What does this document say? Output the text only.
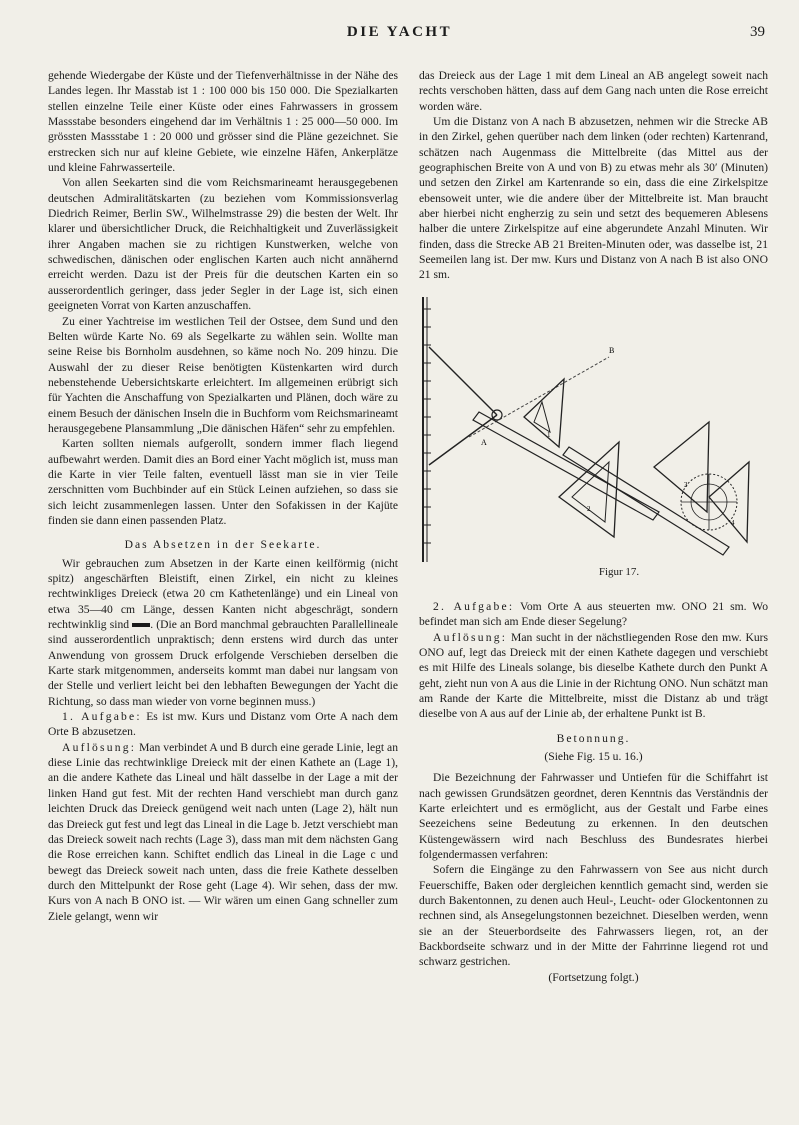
DIE YACHT	39

gehende Wiedergabe der Küste und der Tiefenverhältnisse in der Nähe des Landes legen. Ihr Masstab ist 1 : 100 000 bis 150 000. Die Spezialkarten stellen einzelne Teile einer Küste oder eines Fahrwassers in grossem Massstabe besonders eingehend dar im Verhältnis 1 : 25 000—50 000. Im grössten Massstabe 1 : 20 000 und grösser sind die Pläne gezeichnet. Sie erstrecken sich nur auf kleine Gebiete, wie einzelne Häfen, Ankerplätze und kleine Fahrwasserteile.

Von allen Seekarten sind die vom Reichsmarineamt herausgegebenen deutschen Admiralitätskarten (zu beziehen vom Kommissionsverlag Diedrich Reimer, Berlin SW., Wilhelmstrasse 29) die besten der Welt. Ihr klarer und übersichtlicher Druck, die Reichhaltigkeit und Zuverlässigkeit ihrer Angaben machen sie zu richtigen Kunstwerken, welche von schwedischen, dänischen oder englischen Karten auch nicht annähernd erreicht werden. Dazu ist der Preis für die deutschen Karten ein so ausserordentlich geringer, dass jeder Segler in der Lage ist, sich einen geeigneten Vorrat von Karten anzuschaffen.

Zu einer Yachtreise im westlichen Teil der Ostsee, dem Sund und den Belten würde Karte No. 69 als Segelkarte zu wählen sein. Wollte man seine Reise bis Bornholm ausdehnen, so käme noch No. 209 hinzu. Die Auswahl der zu dieser Reise benötigten Küstenkarten wird durch nebenstehende Uebersichtskarte erleichtert. Im allgemeinen erübrigt sich für Yachten die Anschaffung von Spezialkarten und Plänen, doch wäre zu einem Besuch der dänischen Inseln die in Buchform vom Reichsmarineamt herausgegebene Plansammlung „Die dänischen Häfen“ sehr zu empfehlen.

Karten sollten niemals aufgerollt, sondern immer flach liegend aufbewahrt werden. Damit dies an Bord einer Yacht möglich ist, muss man die Karte in vier Teile falten, eventuell lässt man sie in vier Teile zerschnitten vom Buchbinder auf ein Stück Leinen aufziehen, so dass sie sich leicht zusammenlegen lassen. Unter den Sofakissen in der Kajüte finden sie dann einen passenden Platz.

Das Absetzen in der Seekarte.

Wir gebrauchen zum Absetzen in der Karte einen keilförmig (nicht spitz) angeschärften Bleistift, einen Zirkel, ein nicht zu kleines rechtwinkliges Dreieck (etwa 20 cm Kathetenlänge) und ein Lineal von etwa 35—40 cm Länge, dessen Kanten nicht abgeschrägt, sondern rechtwinklig sind . (Die an Bord manchmal gebrauchten Parallellineale sind ausserordentlich unpraktisch; denn erstens wird durch das unter Anwendung von grossem Druck erfolgende Verschieben derselben die Karte stark mitgenommen, anderseits kommt man dabei nur langsam von der Stelle und verliert leicht bei den lebhaften Bewegungen der Yacht die Richtung, so dass man wieder von vorne beginnen muss.)

1. Aufgabe: Es ist mw. Kurs und Distanz vom Orte A nach dem Orte B abzusetzen.

Auflösung: Man verbindet A und B durch eine gerade Linie, legt an diese Linie das rechtwinklige Dreieck mit der einen Kathete an (Lage 1), an die andere Kathete das Lineal und hält dasselbe in der Lage a mit der linken Hand gut fest. Mit der rechten Hand verschiebt man durch ganz leichten Druck das Dreieck genügend weit nach unten (Lage 2), hält nun das Dreieck gut fest und legt das Lineal in die Lage b. Jetzt verschiebt man das Dreieck soweit nach rechts (Lage 3), dass man mit dem nächsten Gang die Rose erreichen kann. Schiftet endlich das Lineal in die Lage c und bewegt das Dreieck soweit nach unten, dass die freie Kathete desselben durch den Mittelpunkt der Rose geht (Lage 4). Wir sehen, dass der mw. Kurs von A nach B ONO ist. — Wir wären um einen Gang schneller zum Ziele gelangt, wenn wir

das Dreieck aus der Lage 1 mit dem Lineal an AB angelegt soweit nach rechts verschoben hätten, dass auf dem Gang nach unten die Rose erreicht worden wäre.

Um die Distanz von A nach B abzusetzen, nehmen wir die Strecke AB in den Zirkel, gehen querüber nach dem linken (oder rechten) Kartenrand, schätzen nach Augenmass die Mittelbreite (das Mittel aus der geographischen Breite von A und von B) zu etwas mehr als 30′ (Minuten) und setzen den Zirkel am Kartenrande so ein, dass die eine Zirkelspitze ebensoweit unter, wie die andere über der Mittelbreite ist. Man braucht aber hierbei nicht engherzig zu sein und setzt des bequemeren Ablesens halber die untere Zirkelspitze auf eine abgerundete Anzahl Minuten. Wir finden, dass die Strecke AB 21 Breiten-Minuten oder, was dasselbe ist, 21 Seemeilen lang ist. Der mw. Kurs und Distanz von A nach B ist also ONO 21 sm.

A
B
1
2
3
4
Figur 17.

2. Aufgabe: Vom Orte A aus steuerten mw. ONO 21 sm. Wo befindet man sich am Ende dieser Segelung?

Auflösung: Man sucht in der nächstliegenden Rose den mw. Kurs ONO auf, legt das Dreieck mit der einen Kathete dagegen und verschiebt es mit Hilfe des Lineals solange, bis dieselbe Kathete durch den Punkt A geht, zieht nun von A aus die Linie in der Richtung ONO. Nun schätzt man am Rande der Karte die Mittelbreite, misst die Distanz ab und trägt dieselbe von A aus auf der Linie ab, der erhaltene Punkt ist B.

Betonnung.

(Siehe Fig. 15 u. 16.)

Die Bezeichnung der Fahrwasser und Untiefen für die Schiffahrt ist nach gewissen Grundsätzen geordnet, deren Kenntnis das Verständnis der Karte erleichtert und es ermöglicht, aus der Gestalt und Farbe eines Seezeichens seine Bedeutung zu erkennen. In den deutschen Küstengewässern wird nach Beschluss des Bundesrates hierbei folgendermassen verfahren:

Sofern die Eingänge zu den Fahrwassern von See aus nicht durch Feuerschiffe, Baken oder dergleichen kenntlich gemacht sind, werden sie durch Bakentonnen, zu denen auch Heul-, Leucht- oder Glockentonnen zu rechnen sind, als Ansegelungstonnen bezeichnet. Dieselben werden, wenn sie an der Steuerbordseite des Fahrwassers liegen, rot, an der Backbordseite schwarz und in der Mitte der Fahrrinne liegend rot und schwarz gestrichen.

(Fortsetzung folgt.)
